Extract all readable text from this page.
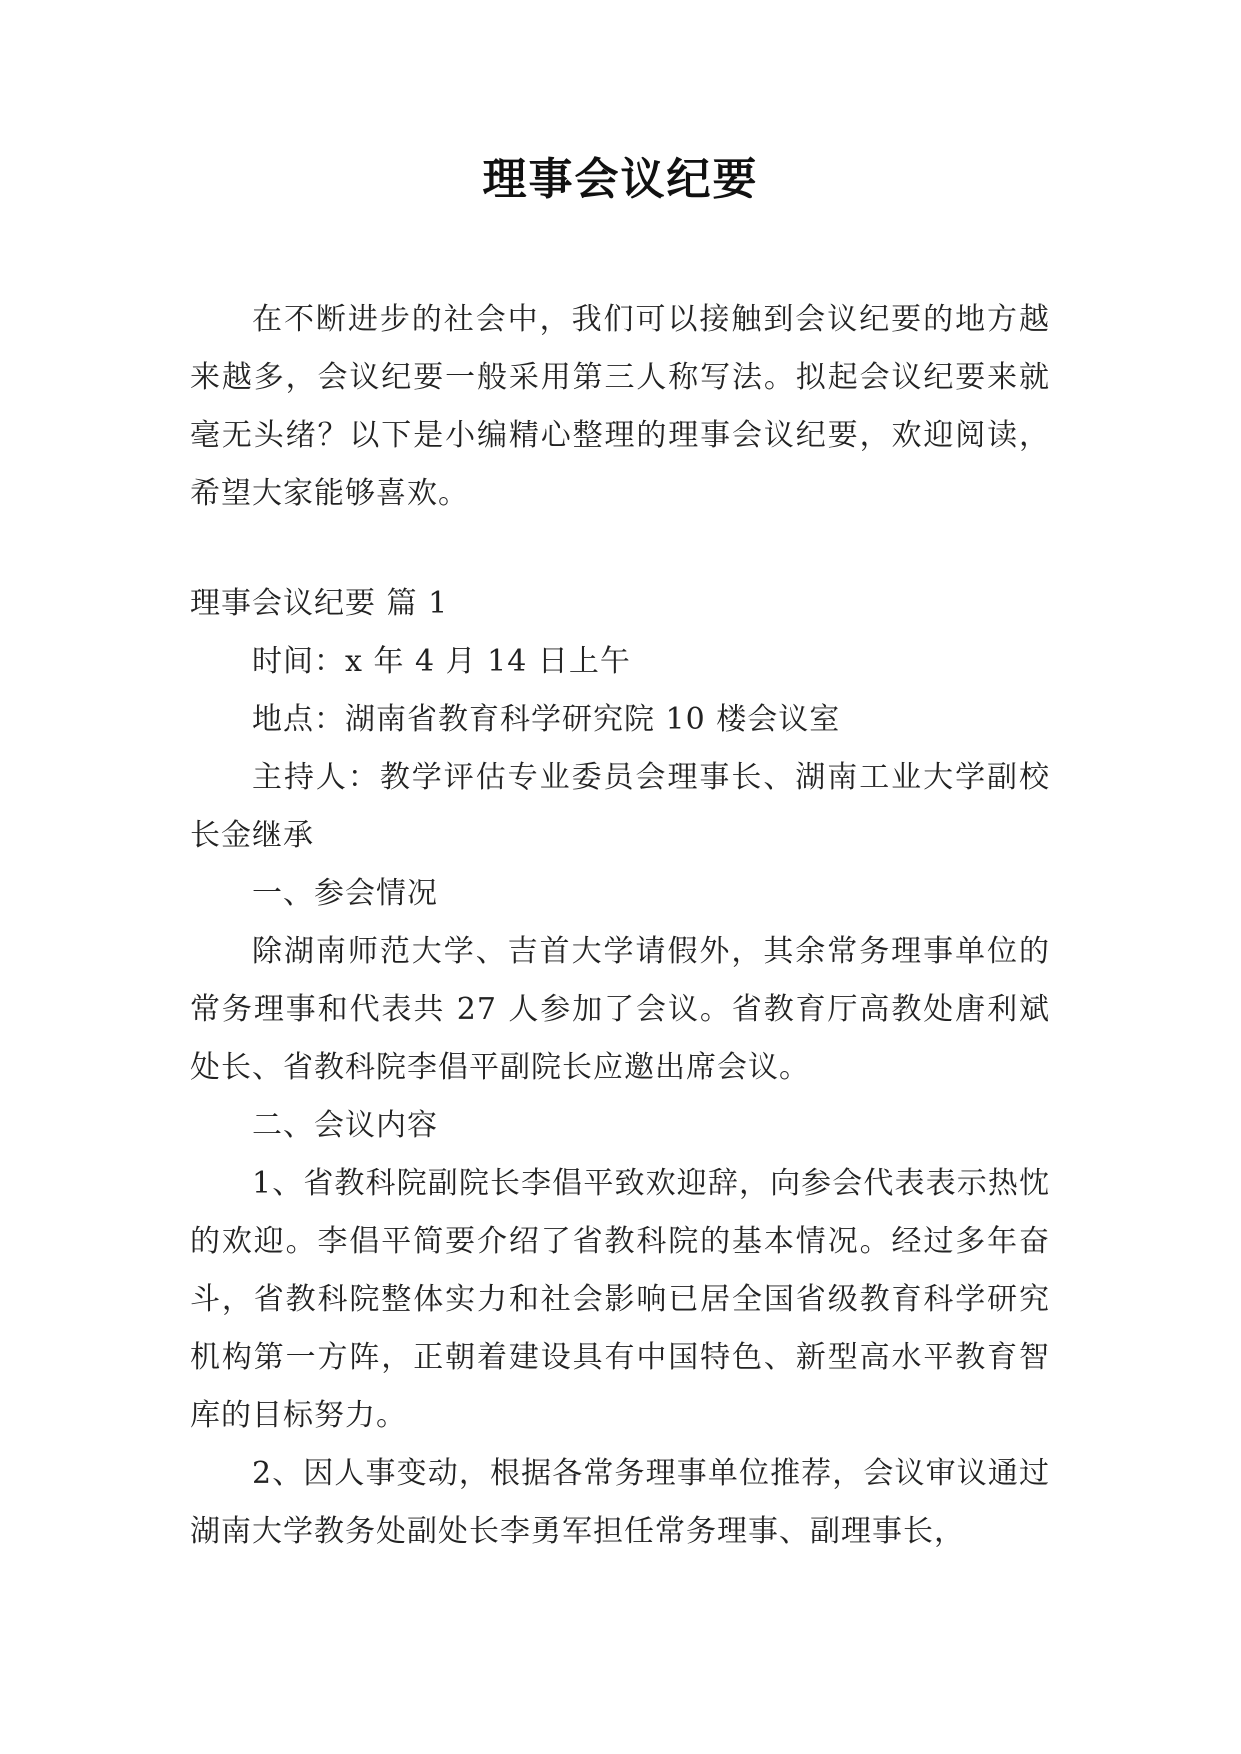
理事会议纪要
在不断进步的社会中，我们可以接触到会议纪要的地方越来越多，会议纪要一般采用第三人称写法。拟起会议纪要来就毫无头绪？以下是小编精心整理的理事会议纪要，欢迎阅读，希望大家能够喜欢。

理事会议纪要 篇 1

时间：x 年 4 月 14 日上午

地点：湖南省教育科学研究院 10 楼会议室

主持人：教学评估专业委员会理事长、湖南工业大学副校长金继承

一、参会情况

除湖南师范大学、吉首大学请假外，其余常务理事单位的常务理事和代表共 27 人参加了会议。省教育厅高教处唐利斌处长、省教科院李倡平副院长应邀出席会议。

二、会议内容

1、省教科院副院长李倡平致欢迎辞，向参会代表表示热忱的欢迎。李倡平简要介绍了省教科院的基本情况。经过多年奋斗，省教科院整体实力和社会影响已居全国省级教育科学研究机构第一方阵，正朝着建设具有中国特色、新型高水平教育智库的目标努力。

2、因人事变动，根据各常务理事单位推荐，会议审议通过湖南大学教务处副处长李勇军担任常务理事、副理事长，
